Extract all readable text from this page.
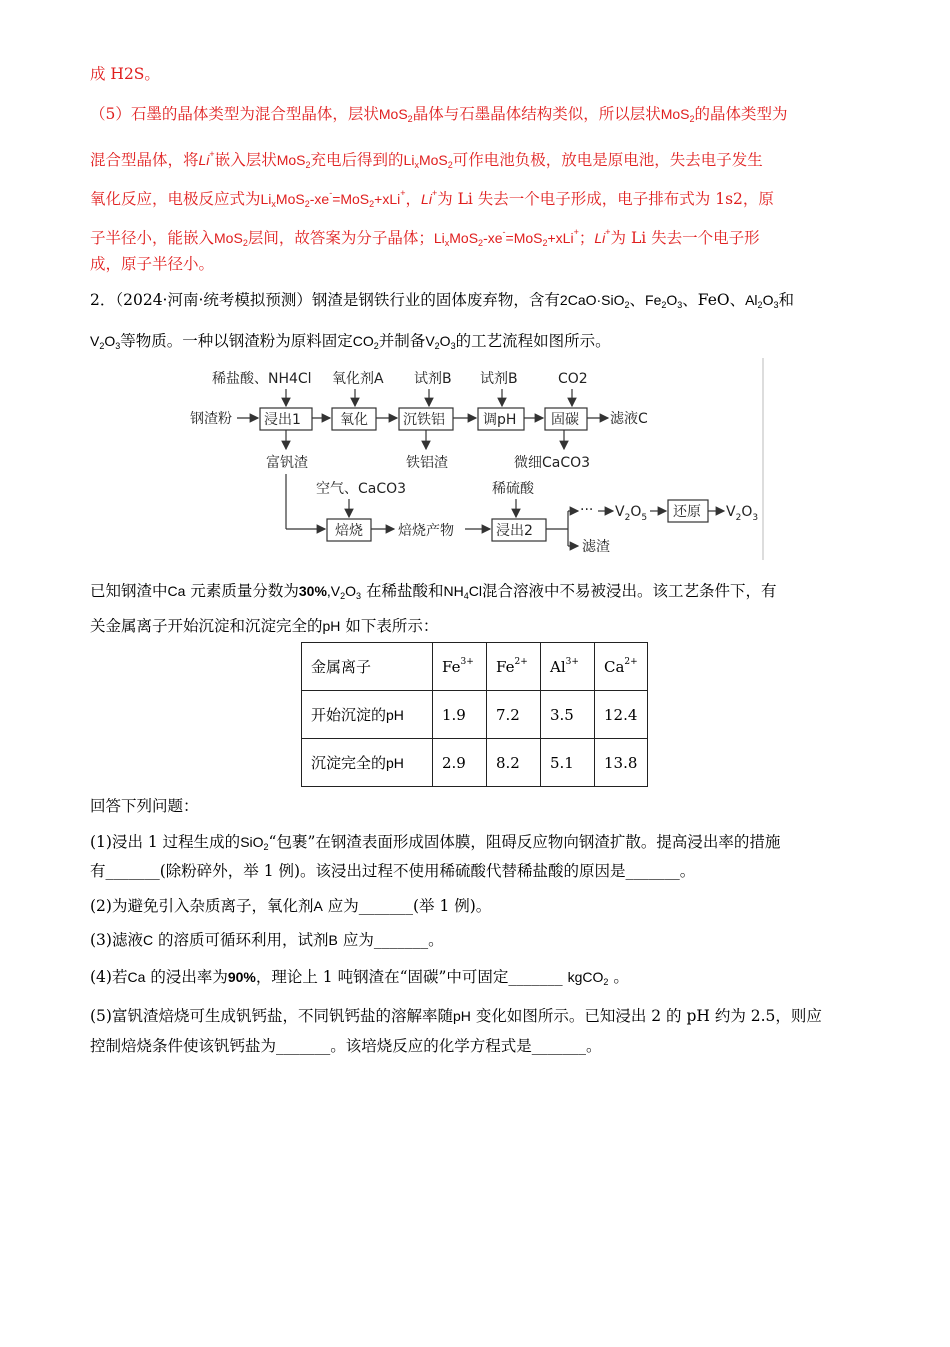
成 H2S。
（5）石墨的晶体类型为混合型晶体，层状MoS$_2$晶体与石墨晶体结构类似，所以层状MoS$_2$的晶体类型为
混合型晶体，将Li+嵌入层状MoS$_2$充电后得到的$Li_xMoS_2$可作电池负极，放电是原电池，失去电子发生
氧化反应，电极反应式为$Li_xMoS_2-xe^-=MoS_2+xLi^+$，Li+为 Li 失去一个电子形成，电子排布式为 1s2，原
子半径小，能嵌入MoS$_2$层间，故答案为分子晶体；$Li_xMoS_2-xe^-=MoS_2+xLi^+$；Li+为 Li 失去一个电子形
成，原子半径小。
2．（2024·河南·统考模拟预测）钢渣是钢铁行业的固体废弃物，含有2CaO·SiO$_2$、$Fe_2O_3$、FeO、$Al_2O_3$和
$V_2O_3$等物质。一种以钢渣粉为原料固定$CO_2$并制备$V_2O_3$的工艺流程如图所示。
稀盐酸、NH4Cl 氧化剂A 试剂B 试剂B	CO2
钢渣粉 浸出1	氧化	沉铁铝	调pH 固碳 滤液C
富钒渣	铁铝渣	微细CaCO3
空气、CaCO3
焙烧	焙烧产物
稀硫酸
浸出2
··· $V_2O_5$ 还原 $V_2O_3$
滤渣
已知钢渣中Ca 元素质量分数为$30\%,V_2O_3$ 在稀盐酸和$NH_4Cl$混合溶液中不易被浸出。该工艺条件下，有
关金属离子开始沉淀和沉淀完全的pH 如下表所示：
金属离子	$Fe^{3+}$	$Fe^{2+}$	$Al^{3+}$	$Ca^{2+}$
开始沉淀的pH	1.9	7.2	3.5	12.4
沉淀完全的pH	2.9	8.2	5.1	13.8
回答下列问题：
(1)浸出 1 过程生成的SiO$_2$“包裹”在钢渣表面形成固体膜，阻碍反应物向钢渣扩散。提高浸出率的措施
有_______(除粉碎外，举 1 例)。该浸出过程不使用稀硫酸代替稀盐酸的原因是_______。
(2)为避免引入杂质离子，氧化剂A 应为_______(举 1 例)。
(3)滤液C 的溶质可循环利用，试剂B 应为_______。
(4)若Ca 的浸出率为90%，理论上 1 吨钢渣在“固碳”中可固定_______ kgCO$_2$ 。
(5)富钒渣焙烧可生成钒钙盐，不同钒钙盐的溶解率随pH 变化如图所示。已知浸出 2 的 pH 约为 2.5，则应
控制焙烧条件使该钒钙盐为_______。该培烧反应的化学方程式是_______。
